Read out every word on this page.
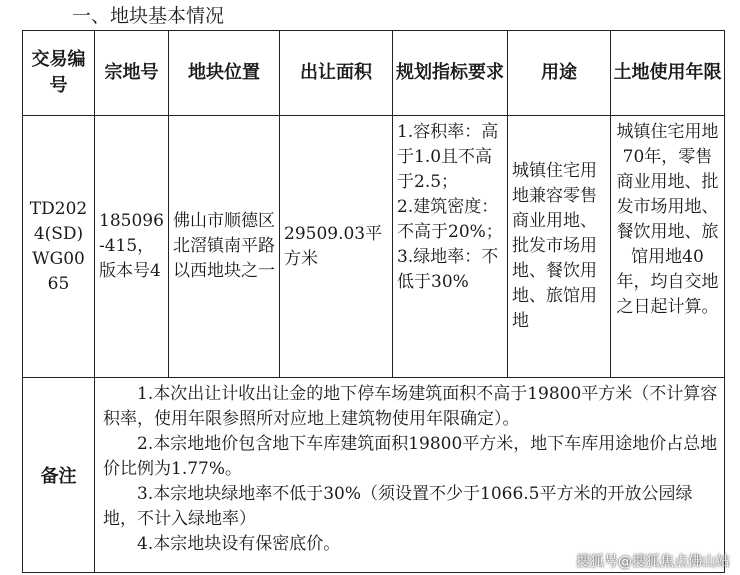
一、地块基本情况
交易编号	宗地号	地块位置	出让面积	规划指标要求	用途	土地使用年限
TD2024(SD)WG0065	185096-415，版本号4	佛山市顺德区北滘镇南平路以西地块之一	29509.03平方米	1.容积率：高于1.0且不高于2.5；
2.建筑密度：不高于20%；
3.绿地率：不低于30%	城镇住宅用地兼容零售商业用地、批发市场用地、餐饮用地、旅馆用地	城镇住宅用地70年，零售商业用地、批发市场用地、餐饮用地、旅馆用地40年，均自交地之日起计算。
备注	1.本次出让计收出让金的地下停车场建筑面积不高于19800平方米（不计算容积率，使用年限参照所对应地上建筑物使用年限确定）。

2.本宗地地价包含地下车库建筑面积19800平方米，地下车库用途地价占总地价比例为1.77%。

3.本宗地块绿地率不低于30%（须设置不少于1066.5平方米的开放公园绿地，不计入绿地率）

4.本宗地块设有保密底价。					

搜狐号@搜狐焦点佛山站
